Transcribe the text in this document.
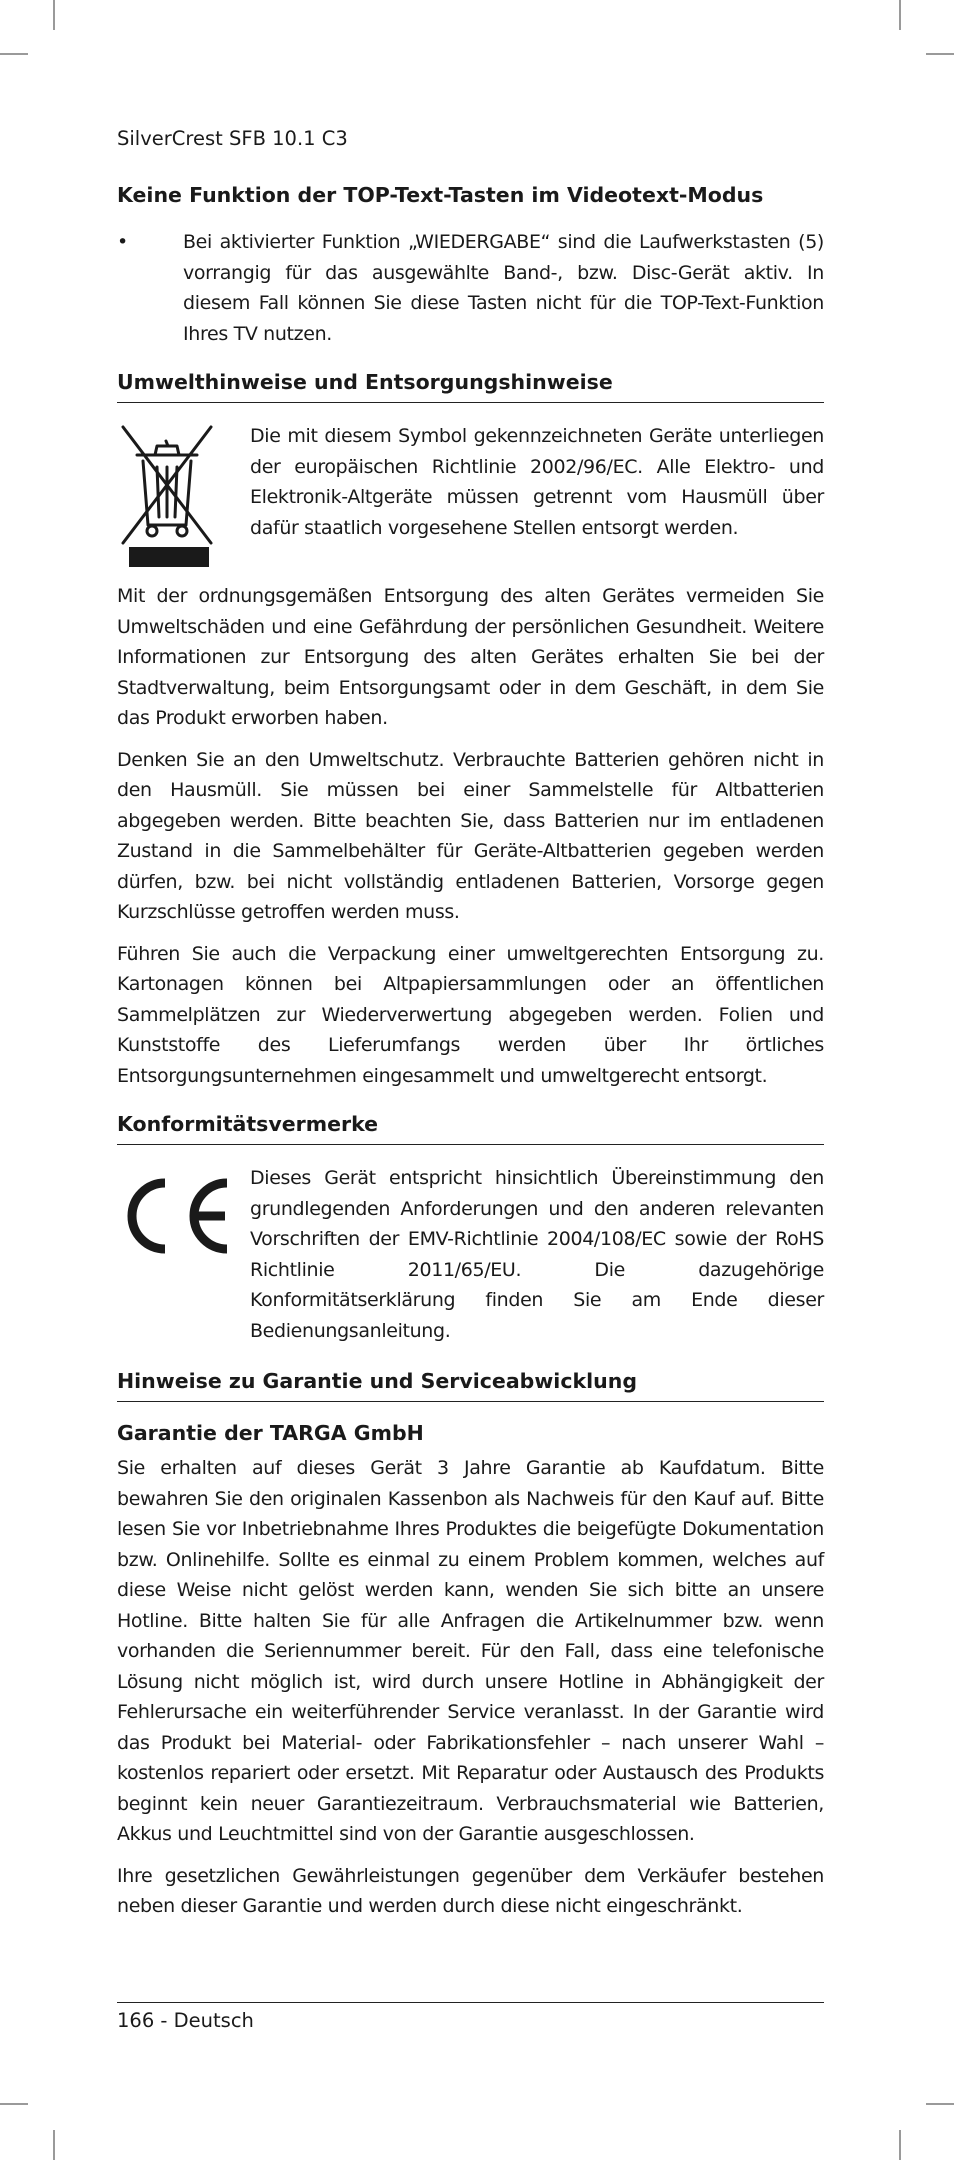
SilverCrest SFB 10.1 C3
Keine Funktion der TOP-Text-Tasten im Videotext-Modus
•	Bei aktivierter Funktion „WIEDERGABE“ sind die Laufwerkstasten (5) vorrangig für das ausgewählte Band-, bzw. Disc-Gerät aktiv. In diesem Fall können Sie diese Tasten nicht für die TOP-Text-Funktion Ihres TV nutzen.

Umwelthinweise und Entsorgungshinweise

Die mit diesem Symbol gekennzeichneten Geräte unterliegen der europäischen Richtlinie 2002/96/EC. Alle Elektro- und Elektronik-Altgeräte müssen getrennt vom Hausmüll über dafür staatlich vorgesehene Stellen entsorgt werden.

Mit der ordnungsgemäßen Entsorgung des alten Gerätes vermeiden Sie Umweltschäden und eine Gefährdung der persönlichen Gesundheit. Weitere Informationen zur Entsorgung des alten Gerätes erhalten Sie bei der Stadtverwaltung, beim Entsorgungsamt oder in dem Geschäft, in dem Sie das Produkt erworben haben.

Denken Sie an den Umweltschutz. Verbrauchte Batterien gehören nicht in den Hausmüll. Sie müssen bei einer Sammelstelle für Altbatterien abgegeben werden. Bitte beachten Sie, dass Batterien nur im entladenen Zustand in die Sammelbehälter für Geräte-Altbatterien gegeben werden dürfen, bzw. bei nicht vollständig entladenen Batterien, Vorsorge gegen Kurzschlüsse getroffen werden muss.

Führen Sie auch die Verpackung einer umweltgerechten Entsorgung zu. Kartonagen können bei Altpapiersammlungen oder an öffentlichen Sammelplätzen zur Wiederverwertung abgegeben werden. Folien und Kunststoffe des Lieferumfangs werden über Ihr örtliches Entsorgungsunternehmen eingesammelt und umweltgerecht entsorgt.

Konformitätsvermerke

Dieses Gerät entspricht hinsichtlich Übereinstimmung den grundlegenden Anforderungen und den anderen relevanten Vorschriften der EMV-Richtlinie 2004/108/EC sowie der RoHS Richtlinie 2011/65/EU. Die dazugehörige Konformitätserklärung finden Sie am Ende dieser Bedienungsanleitung.

Hinweise zu Garantie und Serviceabwicklung
Garantie der TARGA GmbH

Sie erhalten auf dieses Gerät 3 Jahre Garantie ab Kaufdatum. Bitte bewahren Sie den originalen Kassenbon als Nachweis für den Kauf auf. Bitte lesen Sie vor Inbetriebnahme Ihres Produktes die beigefügte Dokumentation bzw. Onlinehilfe. Sollte es einmal zu einem Problem kommen, welches auf diese Weise nicht gelöst werden kann, wenden Sie sich bitte an unsere Hotline. Bitte halten Sie für alle Anfragen die Artikelnummer bzw. wenn vorhanden die Seriennummer bereit. Für den Fall, dass eine telefonische Lösung nicht möglich ist, wird durch unsere Hotline in Abhängigkeit der Fehlerursache ein weiterführender Service veranlasst. In der Garantie wird das Produkt bei Material- oder Fabrikationsfehler – nach unserer Wahl – kostenlos repariert oder ersetzt. Mit Reparatur oder Austausch des Produkts beginnt kein neuer Garantiezeitraum. Verbrauchsmaterial wie Batterien, Akkus und Leuchtmittel sind von der Garantie ausgeschlossen.

Ihre gesetzlichen Gewährleistungen gegenüber dem Verkäufer bestehen neben dieser Garantie und werden durch diese nicht eingeschränkt.

166 - Deutsch
